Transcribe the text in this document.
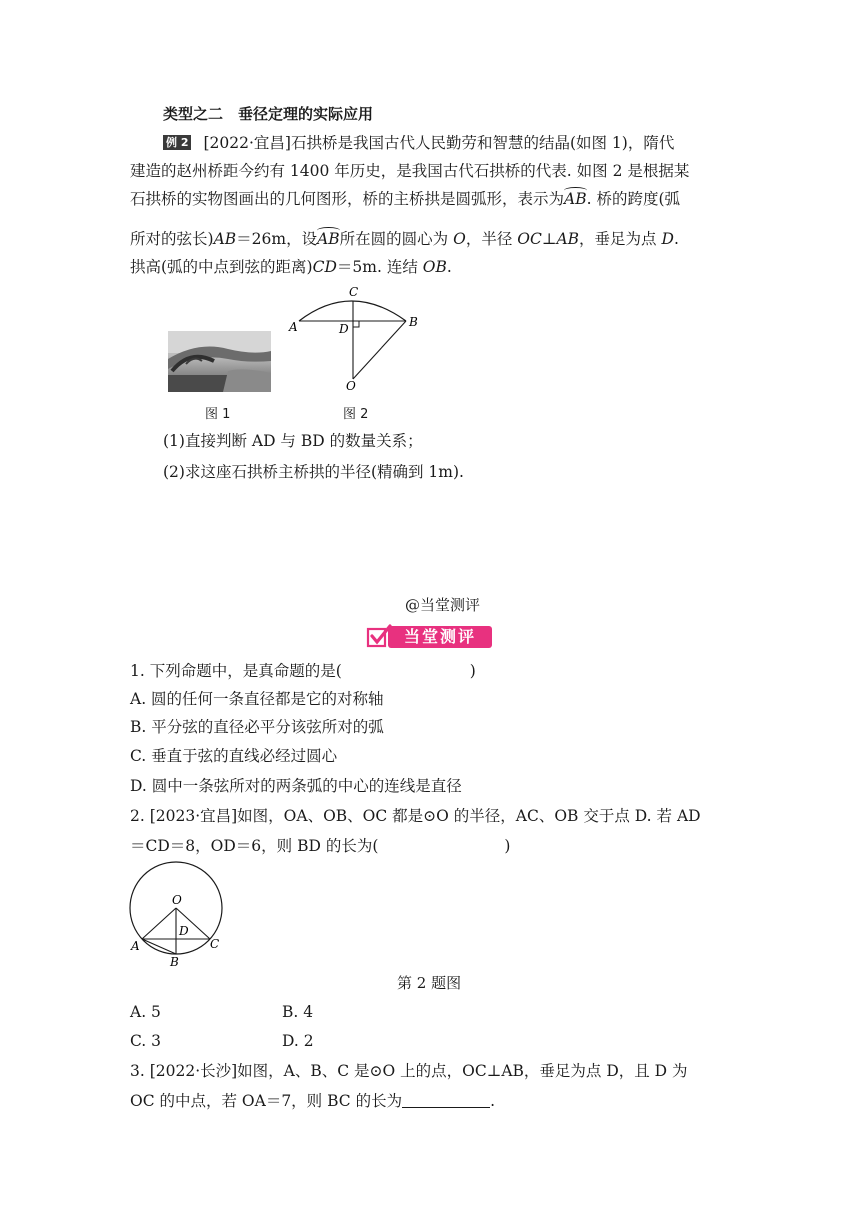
类型之二　垂径定理的实际应用
例 2 [2022·宜昌]石拱桥是我国古代人民勤劳和智慧的结晶(如图 1)，隋代
建造的赵州桥距今约有 1400 年历史，是我国古代石拱桥的代表. 如图 2 是根据某
石拱桥的实物图画出的几何图形，桥的主桥拱是圆弧形，表示为AB. 桥的跨度(弧
所对的弦长)AB＝26m，设AB所在圆的圆心为 O，半径 OC⊥AB，垂足为点 D.
拱高(弧的中点到弦的距离)CD＝5m. 连结 OB.
图 1
C
A	B
D
O
图 2
(1)直接判断 AD 与 BD 的数量关系；
(2)求这座石拱桥主桥拱的半径(精确到 1m).
@当堂测评
当堂测评
1. 下列命题中，是真命题的是(	)
A. 圆的任何一条直径都是它的对称轴
B. 平分弦的直径必平分该弦所对的弧
C. 垂直于弦的直线必经过圆心
D. 圆中一条弦所对的两条弧的中心的连线是直径
2. [2023·宜昌]如图，OA、OB、OC 都是⊙O 的半径，AC、OB 交于点 D. 若 AD
＝CD＝8，OD＝6，则 BD 的长为(	)
O
D
A
B
C
第 2 题图
A. 5	B. 4
C. 3	D. 2
3. [2022·长沙]如图，A、B、C 是⊙O 上的点，OC⊥AB，垂足为点 D，且 D 为
OC 的中点，若 OA＝7，则 BC 的长为	.
